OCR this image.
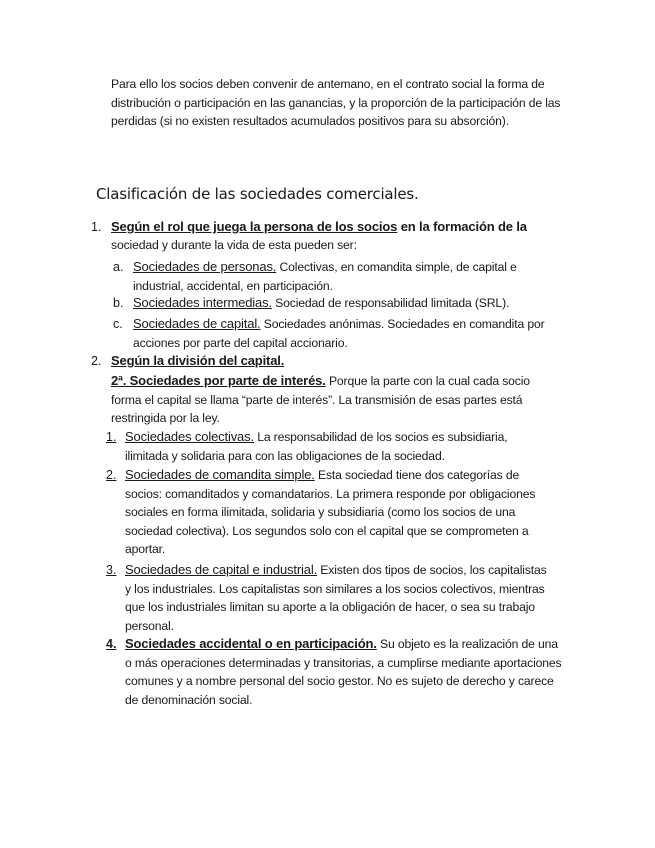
Para ello los socios deben convenir de antemano, en el contrato social la forma de distribución o participación en las ganancias, y la proporción de la participación de las perdidas (si no existen resultados acumulados positivos para su absorción).

Clasificación de las sociedades comerciales.
1. Según el rol que juega la persona de los socios en la formación de la
sociedad y durante la vida de esta pueden ser:
a. Sociedades de personas. Colectivas, en comandita simple, de capital e industrial, accidental, en participación.
b. Sociedades intermedias. Sociedad de responsabilidad limitada (SRL).
c. Sociedades de capital. Sociedades anónimas. Sociedades en comandita por acciones por parte del capital accionario.
2. Según la división del capital.
2ª. Sociedades por parte de interés. Porque la parte con la cual cada socio forma el capital se llama “parte de interés”. La transmisión de esas partes está restringida por la ley.
1. Sociedades colectivas. La responsabilidad de los socios es subsidiaria, ilimitada y solidaria para con las obligaciones de la sociedad.
2. Sociedades de comandita simple. Esta sociedad tiene dos categorías de socios: comanditados y comandatarios. La primera responde por obligaciones sociales en forma ilimitada, solidaria y subsidiaria (como los socios de una sociedad colectiva). Los segundos solo con el capital que se comprometen a aportar.
3. Sociedades de capital e industrial. Existen dos tipos de socios, los capitalistas y los industriales. Los capitalistas son similares a los socios colectivos, mientras que los industriales limitan su aporte a la obligación de hacer, o sea su trabajo personal.
4. Sociedades accidental o en participación. Su objeto es la realización de una o más operaciones determinadas y transitorias, a cumplirse mediante aportaciones comunes y a nombre personal del socio gestor. No es sujeto de derecho y carece de denominación social.
